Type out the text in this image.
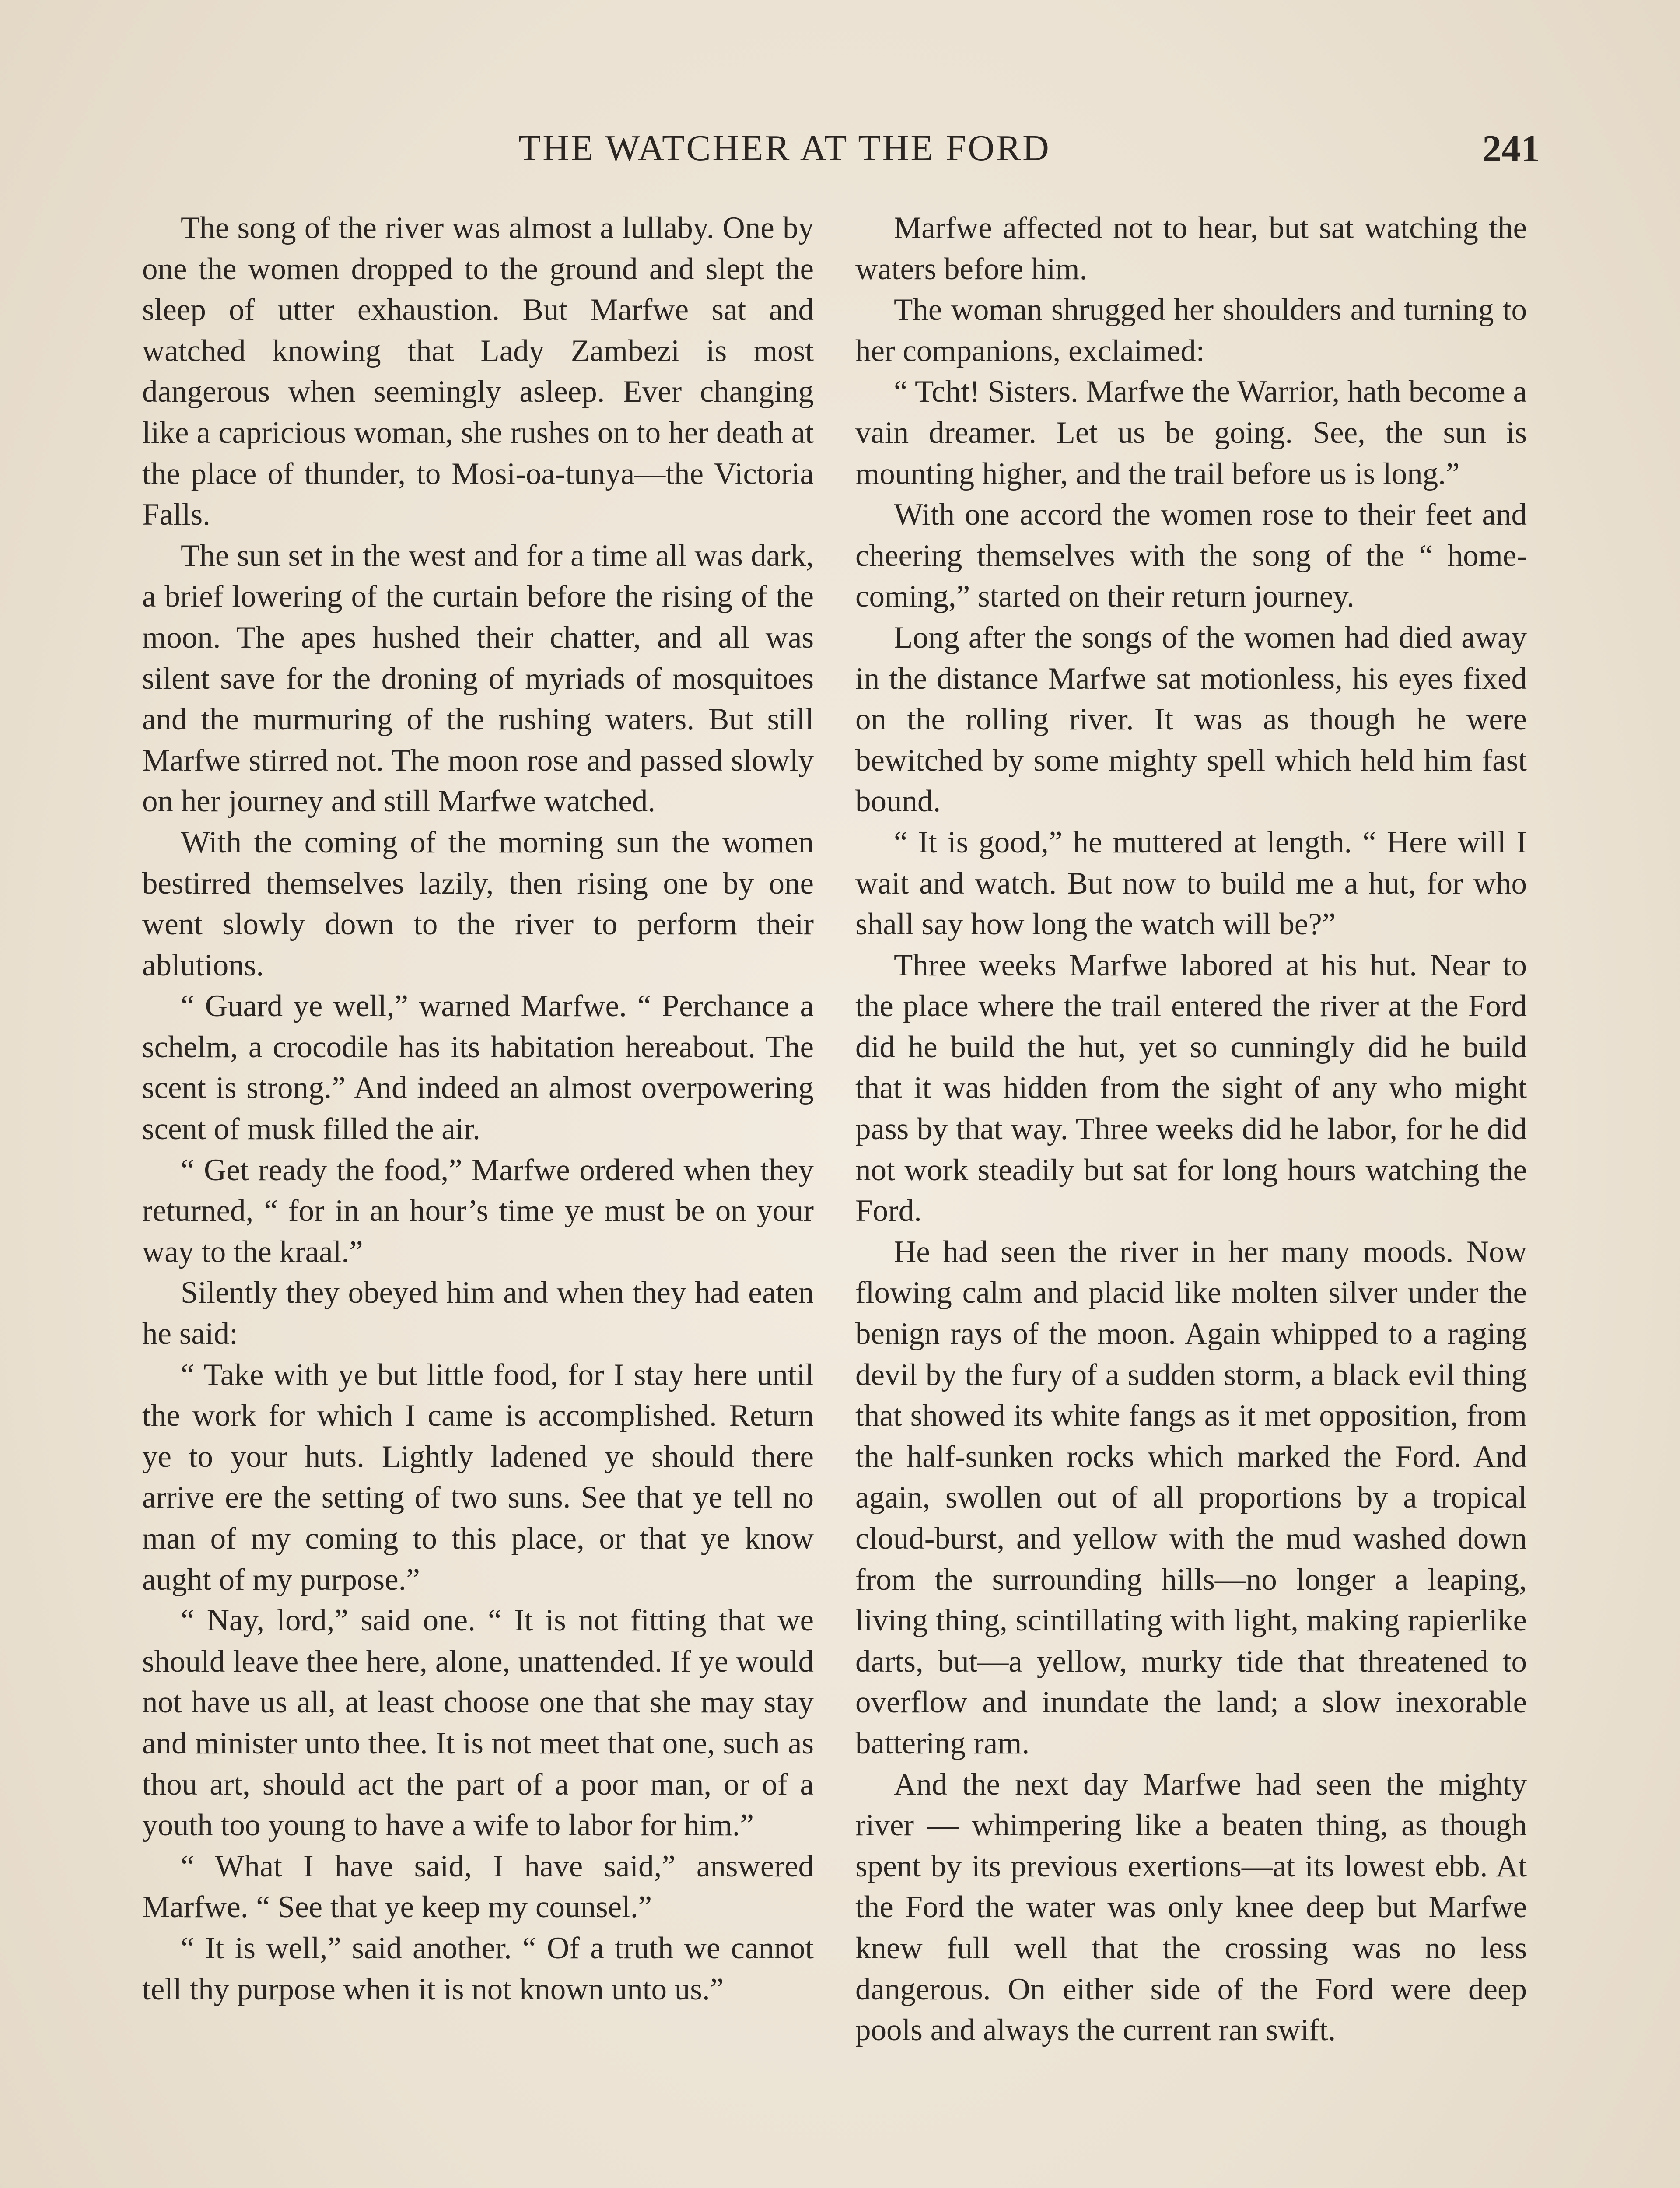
THE WATCHER AT THE FORD	241

The song of the river was almost a lullaby. One by one the women dropped to the ground and slept the sleep of utter exhaustion. But Marfwe sat and watched knowing that Lady Zambezi is most dangerous when seemingly asleep. Ever changing like a capricious woman, she rushes on to her death at the place of thunder, to Mosi-oa-tunya—the Victoria Falls.

The sun set in the west and for a time all was dark, a brief lowering of the curtain before the rising of the moon. The apes hushed their chatter, and all was silent save for the droning of myriads of mosquitoes and the murmuring of the rushing waters. But still Marfwe stirred not. The moon rose and passed slowly on her journey and still Marfwe watched.

With the coming of the morning sun the women bestirred themselves lazily, then rising one by one went slowly down to the river to perform their ablutions.

“ Guard ye well,” warned Marfwe. “ Perchance a schelm, a crocodile has its habitation hereabout. The scent is strong.” And indeed an almost overpowering scent of musk filled the air.

“ Get ready the food,” Marfwe ordered when they returned, “ for in an hour’s time ye must be on your way to the kraal.”

Silently they obeyed him and when they had eaten he said:

“ Take with ye but little food, for I stay here until the work for which I came is accomplished. Return ye to your huts. Lightly ladened ye should there arrive ere the setting of two suns. See that ye tell no man of my coming to this place, or that ye know aught of my purpose.”

“ Nay, lord,” said one. “ It is not fitting that we should leave thee here, alone, unattended. If ye would not have us all, at least choose one that she may stay and minister unto thee. It is not meet that one, such as thou art, should act the part of a poor man, or of a youth too young to have a wife to labor for him.”

“ What I have said, I have said,” answered Marfwe. “ See that ye keep my counsel.”

“ It is well,” said another. “ Of a truth we cannot tell thy purpose when it is not known unto us.”

Marfwe affected not to hear, but sat watching the waters before him.

The woman shrugged her shoulders and turning to her companions, exclaimed:

“ Tcht! Sisters. Marfwe the Warrior, hath become a vain dreamer. Let us be going. See, the sun is mounting higher, and the trail before us is long.”

With one accord the women rose to their feet and cheering themselves with the song of the “ home-coming,” started on their return journey.

Long after the songs of the women had died away in the distance Marfwe sat motionless, his eyes fixed on the rolling river. It was as though he were bewitched by some mighty spell which held him fast bound.

“ It is good,” he muttered at length. “ Here will I wait and watch. But now to build me a hut, for who shall say how long the watch will be?”

Three weeks Marfwe labored at his hut. Near to the place where the trail entered the river at the Ford did he build the hut, yet so cunningly did he build that it was hidden from the sight of any who might pass by that way. Three weeks did he labor, for he did not work steadily but sat for long hours watching the Ford.

He had seen the river in her many moods. Now flowing calm and placid like molten silver under the benign rays of the moon. Again whipped to a raging devil by the fury of a sudden storm, a black evil thing that showed its white fangs as it met opposition, from the half-sunken rocks which marked the Ford. And again, swollen out of all proportions by a tropical cloud-burst, and yellow with the mud washed down from the surrounding hills—no longer a leaping, living thing, scintillating with light, making rapierlike darts, but—a yellow, murky tide that threatened to overflow and inundate the land; a slow inexorable battering ram.

And the next day Marfwe had seen the mighty river — whimpering like a beaten thing, as though spent by its previous exertions—at its lowest ebb. At the Ford the water was only knee deep but Marfwe knew full well that the crossing was no less dangerous. On either side of the Ford were deep pools and always the current ran swift.
